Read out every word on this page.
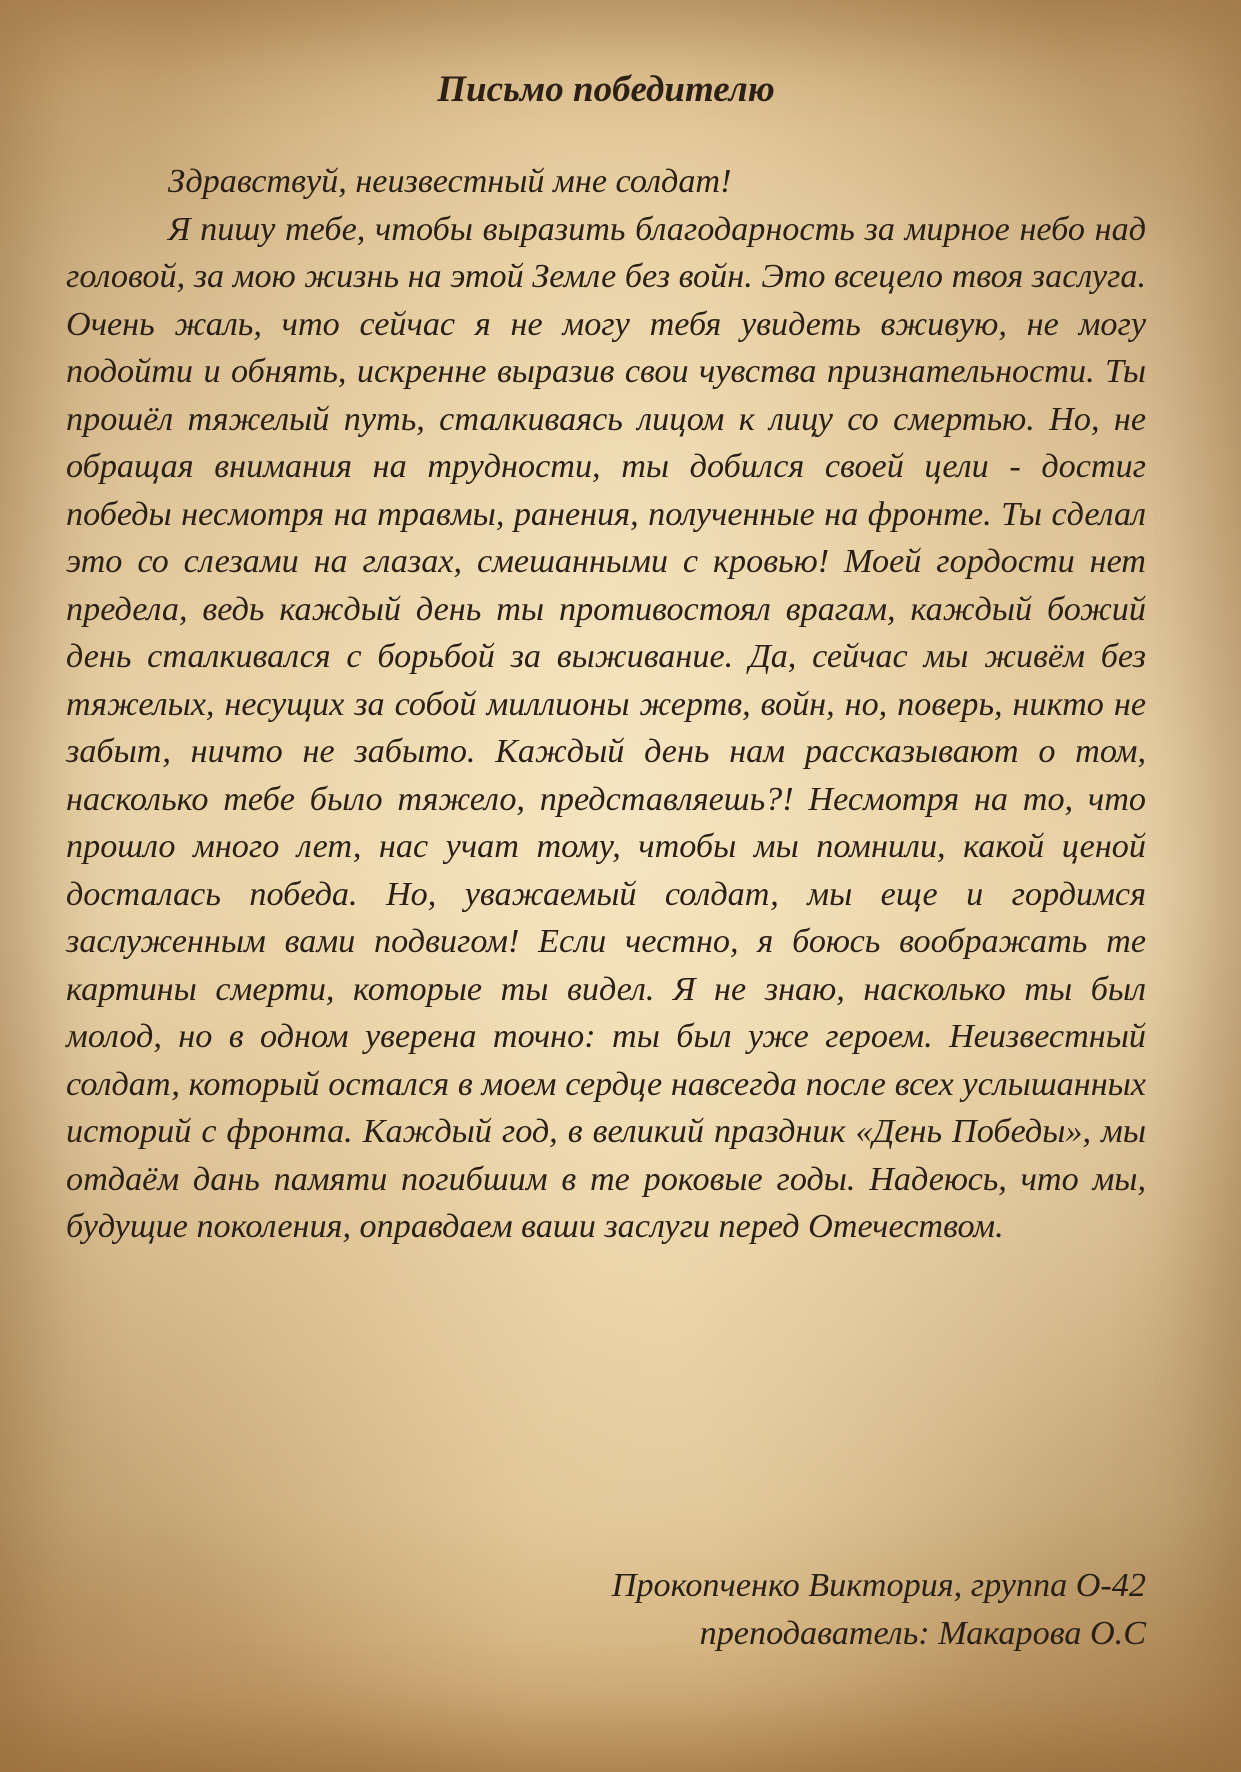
Письмо победителю

Здравствуй, неизвестный мне солдат!

Я пишу тебе, чтобы выразить благодарность за мирное небо над головой, за мою жизнь на этой Земле без войн. Это всецело твоя заслуга. Очень жаль, что сейчас я не могу тебя увидеть вживую, не могу подойти и обнять, искренне выразив свои чувства признательности. Ты прошёл тяжелый путь, сталкиваясь лицом к лицу со смертью. Но, не обращая внимания на трудности, ты добился своей цели - достиг победы несмотря на травмы, ранения, полученные на фронте. Ты сделал это со слезами на глазах, смешанными с кровью! Моей гордости нет предела, ведь каждый день ты противостоял врагам, каждый божий день сталкивался с борьбой за выживание. Да, сейчас мы живём без тяжелых, несущих за собой миллионы жертв, войн, но, поверь, никто не забыт, ничто не забыто. Каждый день нам рассказывают о том, насколько тебе было тяжело, представляешь?! Несмотря на то, что прошло много лет, нас учат тому, чтобы мы помнили, какой ценой досталась победа. Но, уважаемый солдат, мы еще и гордимся заслуженным вами подвигом! Если честно, я боюсь воображать те картины смерти, которые ты видел. Я не знаю, насколько ты был молод, но в одном уверена точно: ты был уже героем. Неизвестный солдат, который остался в моем сердце навсегда после всех услышанных историй с фронта. Каждый год, в великий праздник «День Победы», мы отдаём дань памяти погибшим в те роковые годы. Надеюсь, что мы, будущие поколения, оправдаем ваши заслуги перед Отечеством.

Прокопченко Виктория, группа О-42
преподаватель: Макарова О.С
